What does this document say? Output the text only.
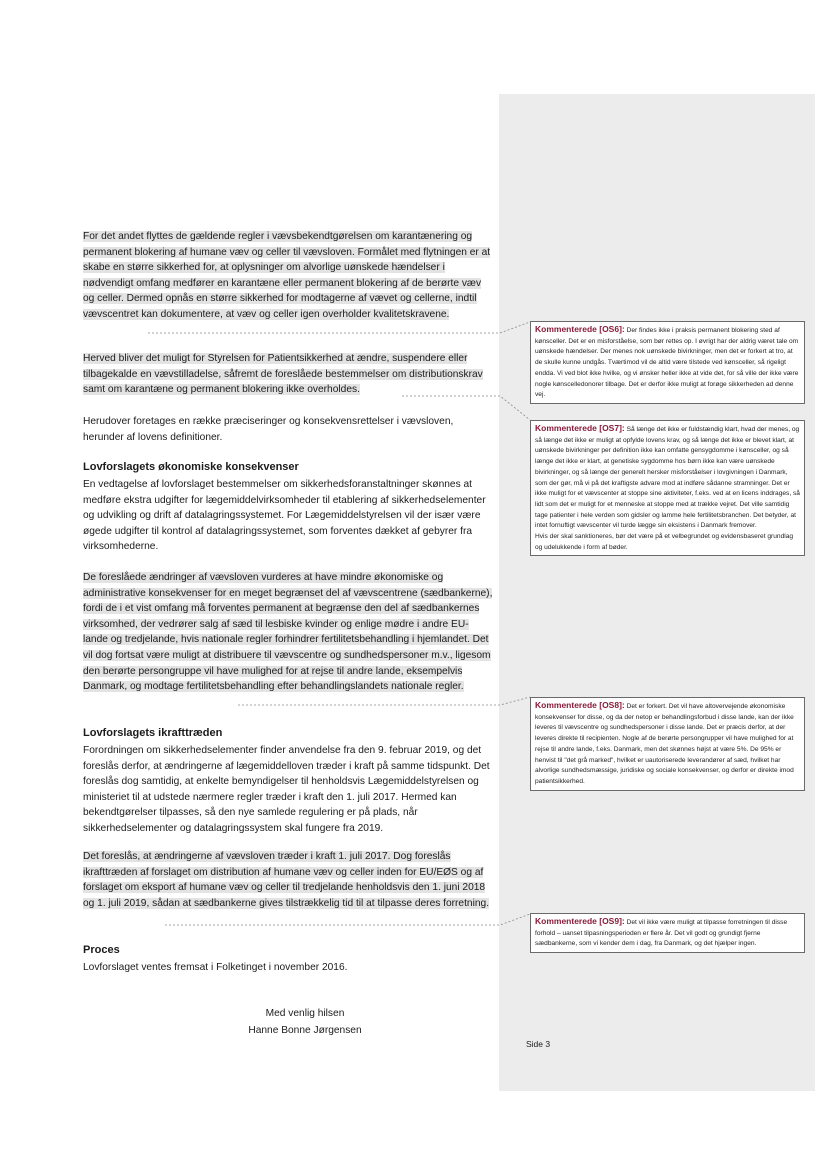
For det andet flyttes de gældende regler i vævsbekendtgørelsen om karantænering og permanent blokering af humane væv og celler til vævsloven. Formålet med flytningen er at skabe en større sikkerhed for, at oplysninger om alvorlige uønskede hændelser i nødvendigt omfang medfører en karantæne eller permanent blokering af de berørte væv og celler. Dermed opnås en større sikkerhed for modtagerne af vævet og cellerne, indtil vævscentret kan dokumentere, at væv og celler igen overholder kvalitetskravene.

Herved bliver det muligt for Styrelsen for Patientsikkerhed at ændre, suspendere eller tilbagekalde en vævstilladelse, såfremt de foreslåede bestemmelser om distributionskrav samt om karantæne og permanent blokering ikke overholdes.

Herudover foretages en række præciseringer og konsekvensrettelser i vævsloven, herunder af lovens definitioner.

Lovforslagets økonomiske konsekvenser

En vedtagelse af lovforslaget bestemmelser om sikkerhedsforanstaltninger skønnes at medføre ekstra udgifter for lægemiddelvirksomheder til etablering af sikkerhedselementer og udvikling og drift af datalagringssystemet. For Lægemiddelstyrelsen vil der især være øgede udgifter til kontrol af datalagringssystemet, som forventes dækket af gebyrer fra virksomhederne.

De foreslåede ændringer af vævsloven vurderes at have mindre økonomiske og administrative konsekvenser for en meget begrænset del af vævscentrene (sædbankerne), fordi de i et vist omfang må forventes permanent at begrænse den del af sædbankernes virksomhed, der vedrører salg af sæd til lesbiske kvinder og enlige mødre i andre EU-lande og tredjelande, hvis nationale regler forhindrer fertilitetsbehandling i hjemlandet. Det vil dog fortsat være muligt at distribuere til vævscentre og sundhedspersoner m.v., ligesom den berørte persongruppe vil have mulighed for at rejse til andre lande, eksempelvis Danmark, og modtage fertilitetsbehandling efter behandlingslandets nationale regler.

Lovforslagets ikrafttræden

Forordningen om sikkerhedselementer finder anvendelse fra den 9. februar 2019, og det foreslås derfor, at ændringerne af lægemiddelloven træder i kraft på samme tidspunkt. Det foreslås dog samtidig, at enkelte bemyndigelser til henholdsvis Lægemiddelstyrelsen og ministeriet til at udstede nærmere regler træder i kraft den 1. juli 2017. Hermed kan bekendtgørelser tilpasses, så den nye samlede regulering er på plads, når sikkerhedselementer og datalagringssystem skal fungere fra 2019.

Det foreslås, at ændringerne af vævsloven træder i kraft 1. juli 2017. Dog foreslås ikrafttræden af forslaget om distribution af humane væv og celler inden for EU/EØS og af forslaget om eksport af humane væv og celler til tredjelande henholdsvis den 1. juni 2018 og 1. juli 2019, sådan at sædbankerne gives tilstrækkelig tid til at tilpasse deres forretning.

Proces

Lovforslaget ventes fremsat i Folketinget i november 2016.

Med venlig hilsen

Hanne Bonne Jørgensen

Kommenterede [OS6]: Der findes ikke i praksis permanent blokering sted af kønsceller. Det er en misforståelse, som bør rettes op. I øvrigt har der aldrig været tale om uønskede hændelser. Der menes nok uønskede bivirkninger, men det er forkert at tro, at de skulle kunne undgås. Tværtimod vil de altid være tilstede ved kønsceller, så rigeligt endda. Vi ved blot ikke hvilke, og vi ønsker heller ikke at vide det, for så ville der ikke være nogle kønscelledonorer tilbage. Det er derfor ikke muligt at forøge sikkerheden ad denne vej.

Kommenterede [OS7]: Så længe det ikke er fuldstændig klart, hvad der menes, og så længe det ikke er muligt at opfylde lovens krav, og så længe det ikke er blevet klart, at uønskede bivirkninger per definition ikke kan omfatte gensygdomme i kønsceller, og så længe det ikke er klart, at genetiske sygdomme hos børn ikke kan være uønskede bivirkninger, og så længe der generelt hersker misforståelser i lovgivningen i Danmark, som der gør, må vi på det kraftigste advare mod at indføre sådanne stramninger. Det er ikke muligt for et vævscenter at stoppe sine aktiviteter, f.eks. ved at en licens inddrages, så lidt som det er muligt for et menneske at stoppe med at trække vejret. Det ville samtidig tage patienter i hele verden som gidsler og lamme hele fertilitetsbranchen. Det betyder, at intet fornuftigt vævscenter vil turde lægge sin eksistens i Danmark fremover.

Hvis der skal sanktioneres, bør det være på et velbegrundet og evidensbaseret grundlag og udelukkende i form af bøder.

Kommenterede [OS8]: Det er forkert. Det vil have altovervejende økonomiske konsekvenser for disse, og da der netop er behandlingsforbud i disse lande, kan der ikke leveres til vævscentre og sundhedspersoner i disse lande. Det er præcis derfor, at der leveres direkte til recipienten. Nogle af de berørte persongrupper vil have mulighed for at rejse til andre lande, f.eks. Danmark, men det skønnes højst at være 5%. De 95% er henvist til "det grå marked", hvilket er uautoriserede leverandører af sæd, hvilket har alvorlige sundhedsmæssige, juridiske og sociale konsekvenser, og derfor er direkte imod patientsikkerhed.

Kommenterede [OS9]: Det vil ikke være muligt at tilpasse forretningen til disse forhold – uanset tilpasningsperioden er flere år. Det vil godt og grundigt fjerne sædbankerne, som vi kender dem i dag, fra Danmark, og det hjælper ingen.

Side 3
